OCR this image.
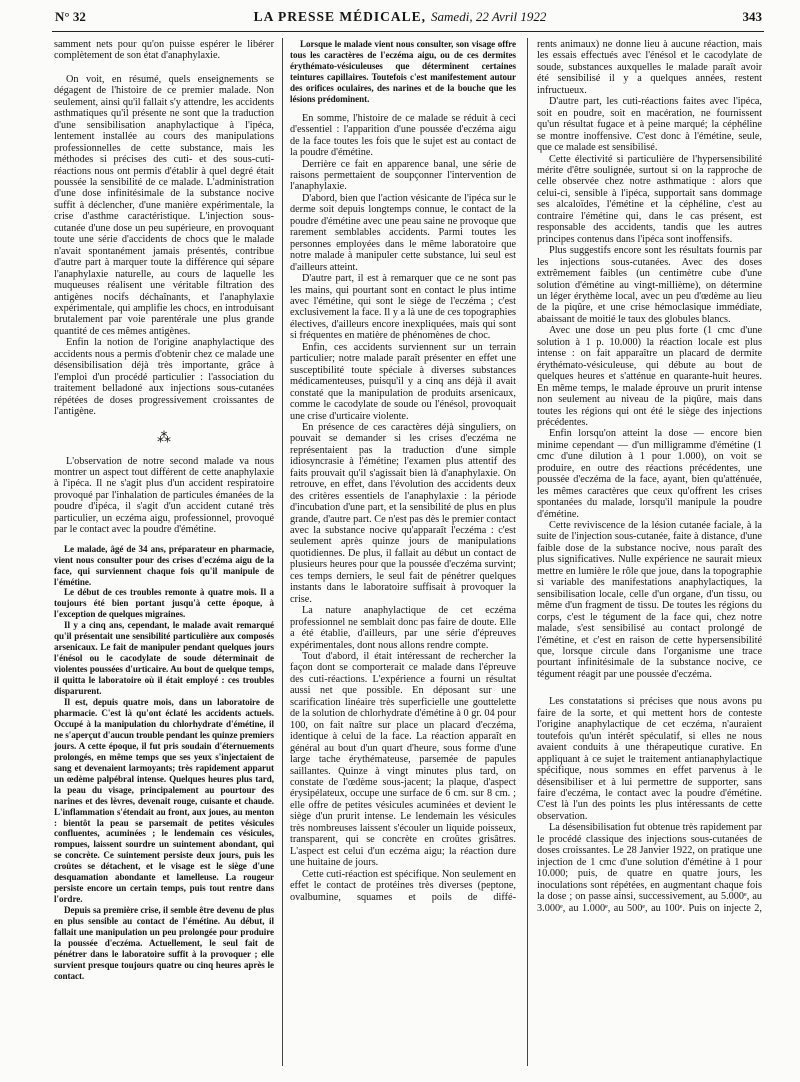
N° 32	LA PRESSE MÉDICALE, Samedi, 22 Avril 1922	343

samment nets pour qu'on puisse espérer le libérer complètement de son état d'anaphylaxie.

On voit, en résumé, quels enseignements se dégagent de l'histoire de ce premier malade. Non seulement, ainsi qu'il fallait s'y attendre, les accidents asthmatiques qu'il présente ne sont que la traduction d'une sensibilisation anaphylactique à l'ipéca, lentement installée au cours des manipulations professionnelles de cette substance, mais les méthodes si précises des cuti- et des sous-cuti-réactions nous ont permis d'établir à quel degré était poussée la sensibilité de ce malade. L'administration d'une dose infinitésimale de la substance nocive suffit à déclencher, d'une manière expérimentale, la crise d'asthme caractéristique. L'injection sous-cutanée d'une dose un peu supérieure, en provoquant toute une série d'accidents de chocs que le malade n'avait spontanément jamais présentés, contribue d'autre part à marquer toute la différence qui sépare l'anaphylaxie naturelle, au cours de laquelle les muqueuses réalisent une véritable filtration des antigènes nocifs déchaînants, et l'anaphylaxie expérimentale, qui amplifie les chocs, en introduisant brutalement par voie parentérale une plus grande quantité de ces mêmes antigènes.

Enfin la notion de l'origine anaphylactique des accidents nous a permis d'obtenir chez ce malade une désensibilisation déjà très importante, grâce à l'emploi d'un procédé particulier : l'association du traitement belladoné aux injections sous-cutanées répétées de doses progressivement croissantes de l'antigène.

⁂

L'observation de notre second malade va nous montrer un aspect tout différent de cette anaphylaxie à l'ipéca. Il ne s'agit plus d'un accident respiratoire provoqué par l'inhalation de particules émanées de la poudre d'ipéca, il s'agit d'un accident cutané très particulier, un eczéma aigu, professionnel, provoqué par le contact avec la poudre d'émétine.

Le malade, âgé de 34 ans, préparateur en pharmacie, vient nous consulter pour des crises d'eczéma aigu de la face, qui surviennent chaque fois qu'il manipule de l'émétine.

Le début de ces troubles remonte à quatre mois. Il a toujours été bien portant jusqu'à cette époque, à l'exception de quelques migraines.

Il y a cinq ans, cependant, le malade avait remarqué qu'il présentait une sensibilité particulière aux composés arsenicaux. Le fait de manipuler pendant quelques jours l'énésol ou le cacodylate de soude déterminait de violentes poussées d'urticaire. Au bout de quelque temps, il quitta le laboratoire où il était employé : ces troubles disparurent.

Il est, depuis quatre mois, dans un laboratoire de pharmacie. C'est là qu'ont éclaté les accidents actuels. Occupé à la manipulation du chlorhydrate d'émétine, il ne s'aperçut d'aucun trouble pendant les quinze premiers jours. A cette époque, il fut pris soudain d'éternuements prolongés, en même temps que ses yeux s'injectaient de sang et devenaient larmoyants; très rapidement apparut un œdème palpébral intense. Quelques heures plus tard, la peau du visage, principalement au pourtour des narines et des lèvres, devenait rouge, cuisante et chaude. L'inflammation s'étendait au front, aux joues, au menton : bientôt la peau se parsemait de petites vésicules confluentes, acuminées ; le lendemain ces vésicules, rompues, laissent sourdre un suintement abondant, qui se concrète. Ce suintement persiste deux jours, puis les croûtes se détachent, et le visage est le siège d'une desquamation abondante et lamelleuse. La rougeur persiste encore un certain temps, puis tout rentre dans l'ordre.

Depuis sa première crise, il semble être devenu de plus en plus sensible au contact de l'émétine. Au début, il fallait une manipulation un peu prolongée pour produire la poussée d'eczéma. Actuellement, le seul fait de pénétrer dans le laboratoire suffit à la provoquer ; elle survient presque toujours quatre ou cinq heures après le contact.

Lorsque le malade vient nous consulter, son visage offre tous les caractères de l'eczéma aigu, ou de ces dermites érythémato-vésiculeuses que déterminent certaines teintures capillaires. Toutefois c'est manifestement autour des orifices oculaires, des narines et de la bouche que les lésions prédominent.

En somme, l'histoire de ce malade se réduit à ceci d'essentiel : l'apparition d'une poussée d'eczéma aigu de la face toutes les fois que le sujet est au contact de la poudre d'émétine.

Derrière ce fait en apparence banal, une série de raisons permettaient de soupçonner l'intervention de l'anaphylaxie.

D'abord, bien que l'action vésicante de l'ipéca sur le derme soit depuis longtemps connue, le contact de la poudre d'émétine avec une peau saine ne provoque que rarement semblables accidents. Parmi toutes les personnes employées dans le même laboratoire que notre malade à manipuler cette substance, lui seul est d'ailleurs atteint.

D'autre part, il est à remarquer que ce ne sont pas les mains, qui pourtant sont en contact le plus intime avec l'émétine, qui sont le siège de l'eczéma ; c'est exclusivement la face. Il y a là une de ces topographies électives, d'ailleurs encore inexpliquées, mais qui sont si fréquentes en matière de phénomènes de choc.

Enfin, ces accidents surviennent sur un terrain particulier; notre malade paraît présenter en effet une susceptibilité toute spéciale à diverses substances médicamenteuses, puisqu'il y a cinq ans déjà il avait constaté que la manipulation de produits arsenicaux, comme le cacodylate de soude ou l'énésol, provoquait une crise d'urticaire violente.

En présence de ces caractères déjà singuliers, on pouvait se demander si les crises d'eczéma ne représentaient pas la traduction d'une simple idiosyncrasie à l'émétine; l'examen plus attentif des faits prouvait qu'il s'agissait bien là d'anaphylaxie. On retrouve, en effet, dans l'évolution des accidents deux des critères essentiels de l'anaphylaxie : la période d'incubation d'une part, et la sensibilité de plus en plus grande, d'autre part. Ce n'est pas dès le premier contact avec la substance nocive qu'apparaît l'eczéma : c'est seulement après quinze jours de manipulations quotidiennes. De plus, il fallait au début un contact de plusieurs heures pour que la poussée d'eczéma survint; ces temps derniers, le seul fait de pénétrer quelques instants dans le laboratoire suffisait à provoquer la crise.

La nature anaphylactique de cet eczéma professionnel ne semblait donc pas faire de doute. Elle a été établie, d'ailleurs, par une série d'épreuves expérimentales, dont nous allons rendre compte.

Tout d'abord, il était intéressant de rechercher la façon dont se comporterait ce malade dans l'épreuve des cuti-réactions. L'expérience a fourni un résultat aussi net que possible. En déposant sur une scarification linéaire très superficielle une gouttelette de la solution de chlorhydrate d'émétine à 0 gr. 04 pour 100, on fait naître sur place un placard d'eczéma, identique à celui de la face. La réaction apparaît en général au bout d'un quart d'heure, sous forme d'une large tache érythémateuse, parsemée de papules saillantes. Quinze à vingt minutes plus tard, on constate de l'œdème sous-jacent; la plaque, d'aspect érysipélateux, occupe une surface de 6 cm. sur 8 cm. ; elle offre de petites vésicules acuminées et devient le siège d'un prurit intense. Le lendemain les vésicules très nombreuses laissent s'écouler un liquide poisseux, transparent, qui se concrète en croûtes grisâtres. L'aspect est celui d'un eczéma aigu; la réaction dure une huitaine de jours.

Cette cuti-réaction est spécifique. Non seulement en effet le contact de protéines très diverses (peptone, ovalbumine, squames et poils de diffé-

rents animaux) ne donne lieu à aucune réaction, mais les essais effectués avec l'énésol et le cacodylate de soude, substances auxquelles le malade paraît avoir été sensibilisé il y a quelques années, restent infructueux.

D'autre part, les cuti-réactions faites avec l'ipéca, soit en poudre, soit en macération, ne fournissent qu'un résultat fugace et à peine marqué; la céphéline se montre inoffensive. C'est donc à l'émétine, seule, que ce malade est sensibilisé.

Cette électivité si particulière de l'hypersensibilité mérite d'être soulignée, surtout si on la rapproche de celle observée chez notre asthmatique : alors que celui-ci, sensible à l'ipéca, supportait sans dommage ses alcaloïdes, l'émétine et la céphéline, c'est au contraire l'émétine qui, dans le cas présent, est responsable des accidents, tandis que les autres principes contenus dans l'ipéca sont inoffensifs.

Plus suggestifs encore sont les résultats fournis par les injections sous-cutanées. Avec des doses extrêmement faibles (un centimètre cube d'une solution d'émétine au vingt-millième), on détermine un léger érythème local, avec un peu d'œdème au lieu de la piqûre, et une crise hémoclasique immédiate, abaissant de moitié le taux des globules blancs.

Avec une dose un peu plus forte (1 cmc d'une solution à 1 p. 10.000) la réaction locale est plus intense : on fait apparaître un placard de dermite érythémato-vésiculeuse, qui débute au bout de quelques heures et s'atténue en quarante-huit heures. En même temps, le malade éprouve un prurit intense non seulement au niveau de la piqûre, mais dans toutes les régions qui ont été le siège des injections précédentes.

Enfin lorsqu'on atteint la dose — encore bien minime cependant — d'un milligramme d'émétine (1 cmc d'une dilution à 1 pour 1.000), on voit se produire, en outre des réactions précédentes, une poussée d'eczéma de la face, ayant, bien qu'atténuée, les mêmes caractères que ceux qu'offrent les crises spontanées du malade, lorsqu'il manipule la poudre d'émétine.

Cette reviviscence de la lésion cutanée faciale, à la suite de l'injection sous-cutanée, faite à distance, d'une faible dose de la substance nocive, nous paraît des plus significatives. Nulle expérience ne saurait mieux mettre en lumière le rôle que joue, dans la topographie si variable des manifestations anaphylactiques, la sensibilisation locale, celle d'un organe, d'un tissu, ou même d'un fragment de tissu. De toutes les régions du corps, c'est le tégument de la face qui, chez notre malade, s'est sensibilisé au contact prolongé de l'émétine, et c'est en raison de cette hypersensibilité que, lorsque circule dans l'organisme une trace pourtant infinitésimale de la substance nocive, ce tégument réagit par une poussée d'eczéma.

Les constatations si précises que nous avons pu faire de la sorte, et qui mettent hors de conteste l'origine anaphylactique de cet eczéma, n'auraient toutefois qu'un intérêt spéculatif, si elles ne nous avaient conduits à une thérapeutique curative. En appliquant à ce sujet le traitement antianaphylactique spécifique, nous sommes en effet parvenus à le désensibiliser et à lui permettre de supporter, sans faire d'eczéma, le contact avec la poudre d'émétine. C'est là l'un des points les plus intéressants de cette observation.

La désensibilisation fut obtenue très rapidement par le procédé classique des injections sous-cutanées de doses croissantes. Le 28 Janvier 1922, on pratique une injection de 1 cmc d'une solution d'émétine à 1 pour 10.000; puis, de quatre en quatre jours, les inoculations sont répétées, en augmentant chaque fois la dose ; on passe ainsi, successivement, au 5.000ᵉ, au 3.000ᵉ, au 1.000ᵉ, au 500ᵉ, au 100ᵉ. Puis on injecte 2,
